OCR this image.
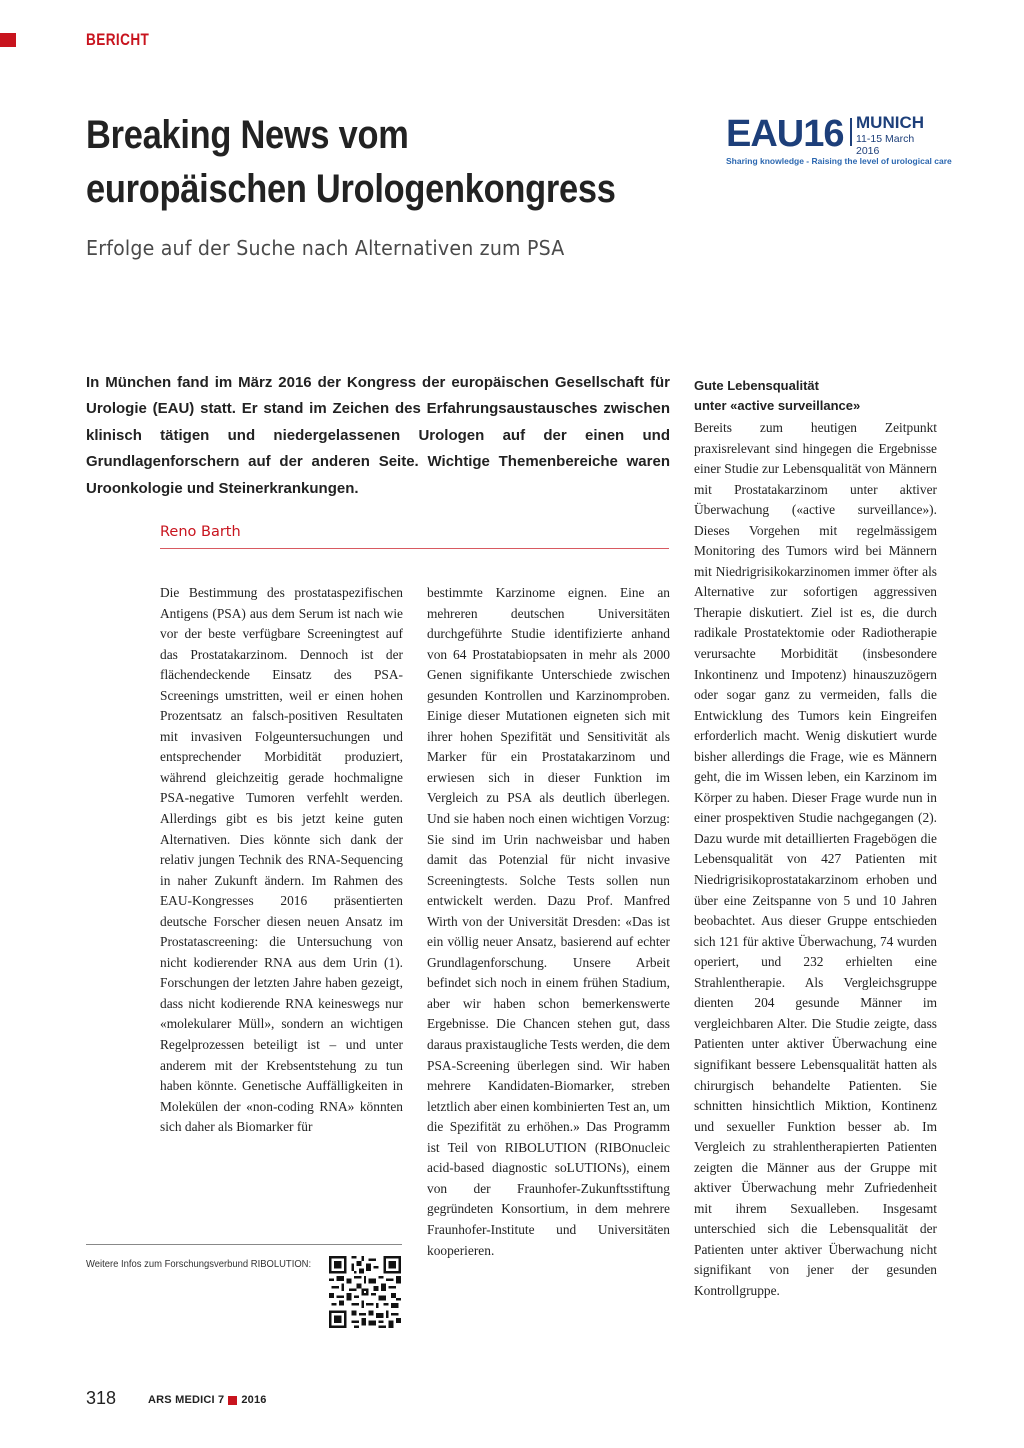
BERICHT
Breaking News vom
europäischen Urologenkongress
Erfolge auf der Suche nach Alternativen zum PSA
EAU16 MUNICH
11-15 March 2016
Sharing knowledge - Raising the level of urological care

In München fand im März 2016 der Kongress der europäischen Gesellschaft für Urologie (EAU) statt. Er stand im Zeichen des Erfahrungsaustausches zwischen klinisch tätigen und niedergelassenen Urologen auf der einen und Grundlagenforschern auf der anderen Seite. Wichtige Themenbereiche waren Uroonkologie und Steinerkrankungen.

Reno Barth

Die Bestimmung des prostataspezifischen Antigens (PSA) aus dem Serum ist nach wie vor der beste verfügbare Screeningtest auf das Prostatakarzinom. Dennoch ist der flächendeckende Einsatz des PSA-Screenings umstritten, weil er einen hohen Prozentsatz an falsch-positiven Resultaten mit invasiven Folgeuntersuchungen und entsprechender Morbidität produziert, während gleichzeitig gerade hochmaligne PSA-negative Tumoren verfehlt werden. Allerdings gibt es bis jetzt keine guten Alternativen. Dies könnte sich dank der relativ jungen Technik des RNA-Sequencing in naher Zukunft ändern. Im Rahmen des EAU-Kongresses 2016 präsentierten deutsche Forscher diesen neuen Ansatz im Prostatascreening: die Untersuchung von nicht kodierender RNA aus dem Urin (1). Forschungen der letzten Jahre haben gezeigt, dass nicht kodierende RNA keineswegs nur «molekularer Müll», sondern an wichtigen Regelprozessen beteiligt ist – und unter anderem mit der Krebsentstehung zu tun haben könnte. Genetische Auffälligkeiten in Molekülen der «non-coding RNA» könnten sich daher als Biomarker für

bestimmte Karzinome eignen. Eine an mehreren deutschen Universitäten durchgeführte Studie identifizierte anhand von 64 Prostatabiopsaten in mehr als 2000 Genen signifikante Unterschiede zwischen gesunden Kontrollen und Karzinomproben. Einige dieser Mutationen eigneten sich mit ihrer hohen Spezifität und Sensitivität als Marker für ein Prostatakarzinom und erwiesen sich in dieser Funktion im Vergleich zu PSA als deutlich überlegen. Und sie haben noch einen wichtigen Vorzug: Sie sind im Urin nachweisbar und haben damit das Potenzial für nicht invasive Screeningtests. Solche Tests sollen nun entwickelt werden. Dazu Prof. Manfred Wirth von der Universität Dresden: «Das ist ein völlig neuer Ansatz, basierend auf echter Grundlagenforschung. Unsere Arbeit befindet sich noch in einem frühen Stadium, aber wir haben schon bemerkenswerte Ergebnisse. Die Chancen stehen gut, dass daraus praxistaugliche Tests werden, die dem PSA-Screening überlegen sind. Wir haben mehrere Kandidaten-Biomarker, streben letztlich aber einen kombinierten Test an, um die Spezifität zu erhöhen.» Das Programm ist Teil von RIBOLUTION (RIBOnucleic acid-based diagnostic soLUTIONs), einem von der Fraunhofer-Zukunftsstiftung gegründeten Konsortium, in dem mehrere Fraunhofer-Institute und Universitäten kooperieren.

Gute Lebensqualität
unter «active surveillance»

Bereits zum heutigen Zeitpunkt praxisrelevant sind hingegen die Ergebnisse einer Studie zur Lebensqualität von Männern mit Prostatakarzinom unter aktiver Überwachung («active surveillance»). Dieses Vorgehen mit regelmässigem Monitoring des Tumors wird bei Männern mit Niedrigrisikokarzinomen immer öfter als Alternative zur sofortigen aggressiven Therapie diskutiert. Ziel ist es, die durch radikale Prostatektomie oder Radiotherapie verursachte Morbidität (insbesondere Inkontinenz und Impotenz) hinauszuzögern oder sogar ganz zu vermeiden, falls die Entwicklung des Tumors kein Eingreifen erforderlich macht. Wenig diskutiert wurde bisher allerdings die Frage, wie es Männern geht, die im Wissen leben, ein Karzinom im Körper zu haben. Dieser Frage wurde nun in einer prospektiven Studie nachgegangen (2). Dazu wurde mit detaillierten Fragebögen die Lebensqualität von 427 Patienten mit Niedrigrisikoprostatakarzinom erhoben und über eine Zeitspanne von 5 und 10 Jahren beobachtet. Aus dieser Gruppe entschieden sich 121 für aktive Überwachung, 74 wurden operiert, und 232 erhielten eine Strahlentherapie. Als Vergleichsgruppe dienten 204 gesunde Männer im vergleichbaren Alter. Die Studie zeigte, dass Patienten unter aktiver Überwachung eine signifikant bessere Lebensqualität hatten als chirurgisch behandelte Patienten. Sie schnitten hinsichtlich Miktion, Kontinenz und sexueller Funktion besser ab. Im Vergleich zu strahlentherapierten Patienten zeigten die Männer aus der Gruppe mit aktiver Überwachung mehr Zufriedenheit mit ihrem Sexualleben. Insgesamt unterschied sich die Lebensqualität der Patienten unter aktiver Überwachung nicht signifikant von jener der gesunden Kontrollgruppe.

Weitere Infos zum Forschungsverbund RIBOLUTION:
318	ARS MEDICI 7 2016
